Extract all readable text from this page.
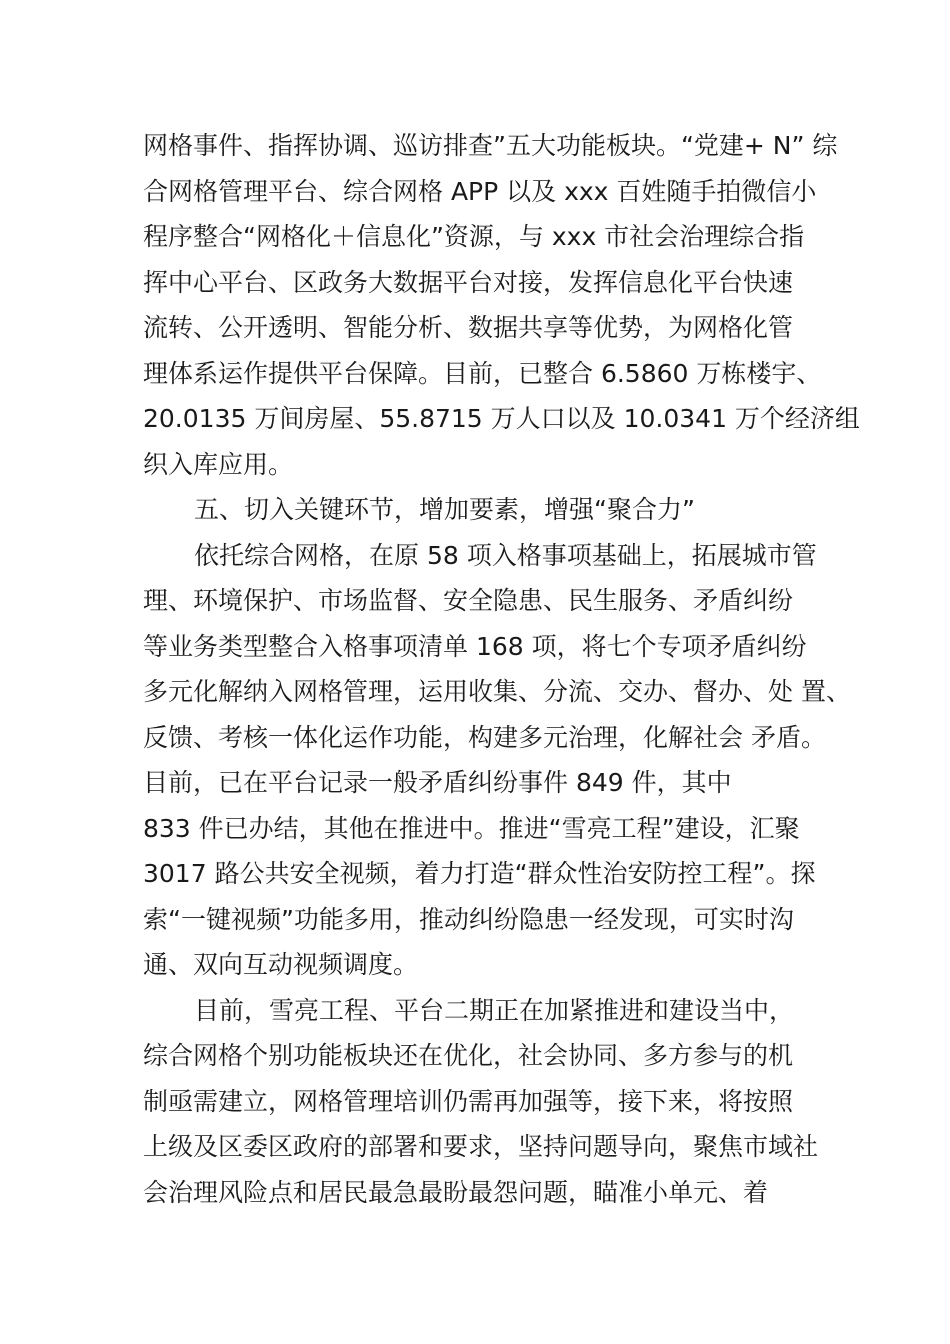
网格事件、指挥协调、巡访排查”五大功能板块。“党建+ N” 综
合网格管理平台、综合网格 APP 以及 xxx 百姓随手拍微信小
程序整合“网格化＋信息化”资源，与 xxx 市社会治理综合指
挥中心平台、区政务大数据平台对接，发挥信息化平台快速
流转、公开透明、智能分析、数据共享等优势，为网格化管
理体系运作提供平台保障。目前，已整合 6.5860 万栋楼宇、
20.0135 万间房屋、55.8715 万人口以及 10.0341 万个经济组
织入库应用。
五、切入关键环节，增加要素，增强“聚合力”
依托综合网格，在原 58 项入格事项基础上，拓展城市管
理、环境保护、市场监督、安全隐患、民生服务、矛盾纠纷
等业务类型整合入格事项清单 168 项，将七个专项矛盾纠纷
多元化解纳入网格管理，运用收集、分流、交办、督办、处 置、
反馈、考核一体化运作功能，构建多元治理，化解社会 矛盾。
目前，已在平台记录一般矛盾纠纷事件 849 件，其中
833 件已办结，其他在推进中。推进“雪亮工程”建设，汇聚
3017 路公共安全视频，着力打造“群众性治安防控工程”。探
索“一键视频”功能多用，推动纠纷隐患一经发现，可实时沟
通、双向互动视频调度。
目前，雪亮工程、平台二期正在加紧推进和建设当中，
综合网格个别功能板块还在优化，社会协同、多方参与的机
制亟需建立，网格管理培训仍需再加强等，接下来，将按照
上级及区委区政府的部署和要求，坚持问题导向，聚焦市域社
会治理风险点和居民最急最盼最怨问题，瞄准小单元、着
